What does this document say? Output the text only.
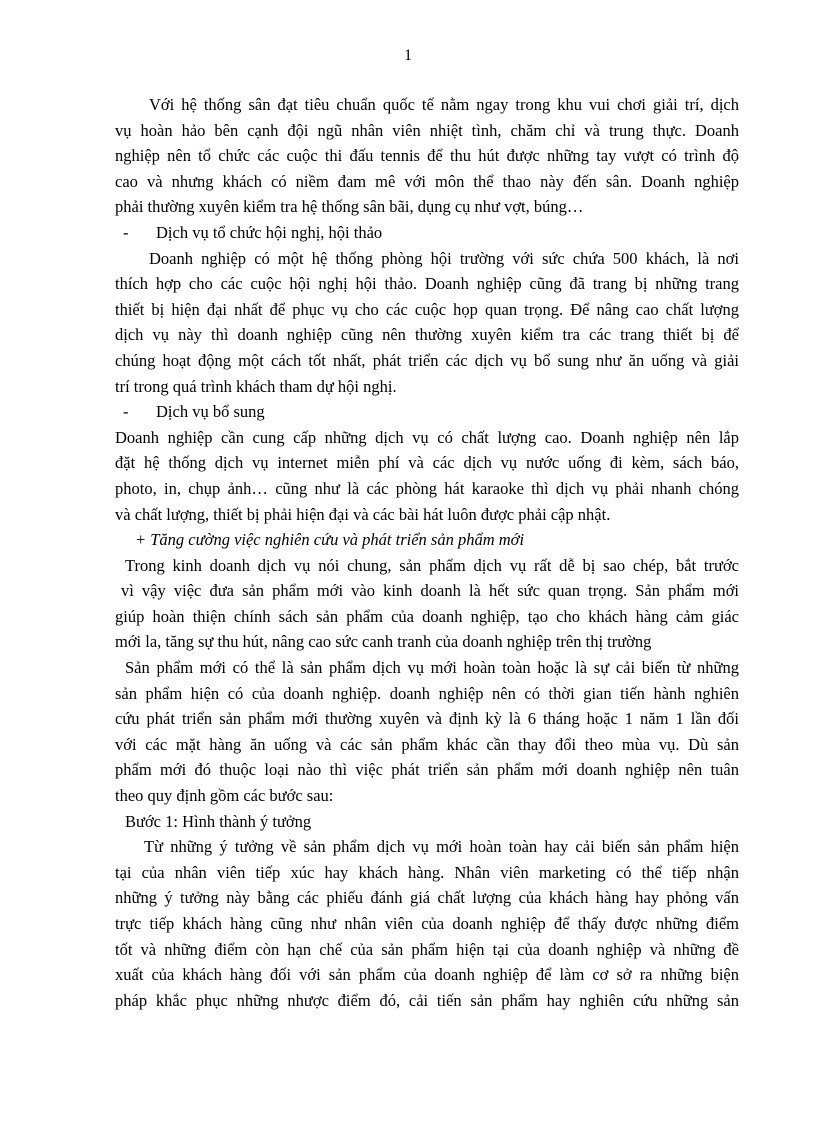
1
Với hệ thống sân đạt tiêu chuẩn quốc tế nằm ngay trong khu vui chơi giải trí, dịch
vụ hoàn hảo bên cạnh đội ngũ nhân viên nhiệt tình, chăm chỉ và trung thực. Doanh
nghiệp nên tổ chức các cuộc thi đấu tennis để thu hút được những tay vượt có trình độ
cao và nhưng khách có niềm đam mê với môn thể thao này đến sân. Doanh nghiệp
phải thường xuyên kiểm tra hệ thống sân bãi, dụng cụ như vợt, búng…
-	Dịch vụ tổ chức hội nghị, hội thảo
Doanh nghiệp có một hệ thống phòng hội trường với sức chứa 500 khách, là nơi
thích hợp cho các cuộc hội nghị hội thảo. Doanh nghiệp cũng đã trang bị những trang
thiết bị hiện đại nhất để phục vụ cho các cuộc họp quan trọng. Để nâng cao chất lượng
dịch vụ này thì doanh nghiệp cũng nên thường xuyên kiểm tra các trang thiết bị để
chúng hoạt động một cách tốt nhất, phát triển các dịch vụ bổ sung như ăn uống và giải
trí trong quá trình khách tham dự hội nghị.
-	Dịch vụ bổ sung
Doanh nghiệp cần cung cấp những dịch vụ có chất lượng cao. Doanh nghiệp nên lắp
đặt hệ thống dịch vụ internet miễn phí và các dịch vụ nước uống đi kèm, sách báo,
photo, in, chụp ảnh… cũng như là các phòng hát karaoke thì dịch vụ phải nhanh chóng
và chất lượng, thiết bị phải hiện đại và các bài hát luôn được phải cập nhật.
+ Tăng cường việc nghiên cứu và phát triển sản phẩm mới
Trong kinh doanh dịch vụ nói chung, sản phẩm dịch vụ rất dễ bị sao chép, bắt trước
vì vậy việc đưa sản phẩm mới vào kinh doanh là hết sức quan trọng. Sản phẩm mới
giúp hoàn thiện chính sách sản phẩm của doanh nghiệp, tạo cho khách hàng cảm giác
mới la, tăng sự thu hút, nâng cao sức canh tranh của doanh nghiệp trên thị trường
Sản phẩm mới có thể là sản phẩm dịch vụ mới hoàn toàn hoặc là sự cải biến từ những
sản phẩm hiện có của doanh nghiệp. doanh nghiệp nên có thời gian tiến hành nghiên
cứu phát triển sản phẩm mới thường xuyên và định kỳ là 6 tháng hoặc 1 năm 1 lần đối
với các mặt hàng ăn uống và các sản phẩm khác cần thay đổi theo mùa vụ. Dù sản
phẩm mới đó thuộc loại nào thì việc phát triển sản phẩm mới doanh nghiệp nên tuân
theo quy định gồm các bước sau:
Bước 1: Hình thành ý tưởng
Từ những ý tưởng về sản phẩm dịch vụ mới hoàn toàn hay cải biến sản phẩm hiện
tại của nhân viên tiếp xúc hay khách hàng. Nhân viên marketing có thể tiếp nhận
những ý tưởng này bằng các phiếu đánh giá chất lượng của khách hàng hay phỏng vấn
trực tiếp khách hàng cũng như nhân viên của doanh nghiệp để thấy được những điểm
tốt và những điểm còn hạn chế của sản phẩm hiện tại của doanh nghiệp và những đề
xuất của khách hàng đối với sản phẩm của doanh nghiệp để làm cơ sở ra những biện
pháp khắc phục những nhược điểm đó, cải tiến sản phẩm hay nghiên cứu những sản
